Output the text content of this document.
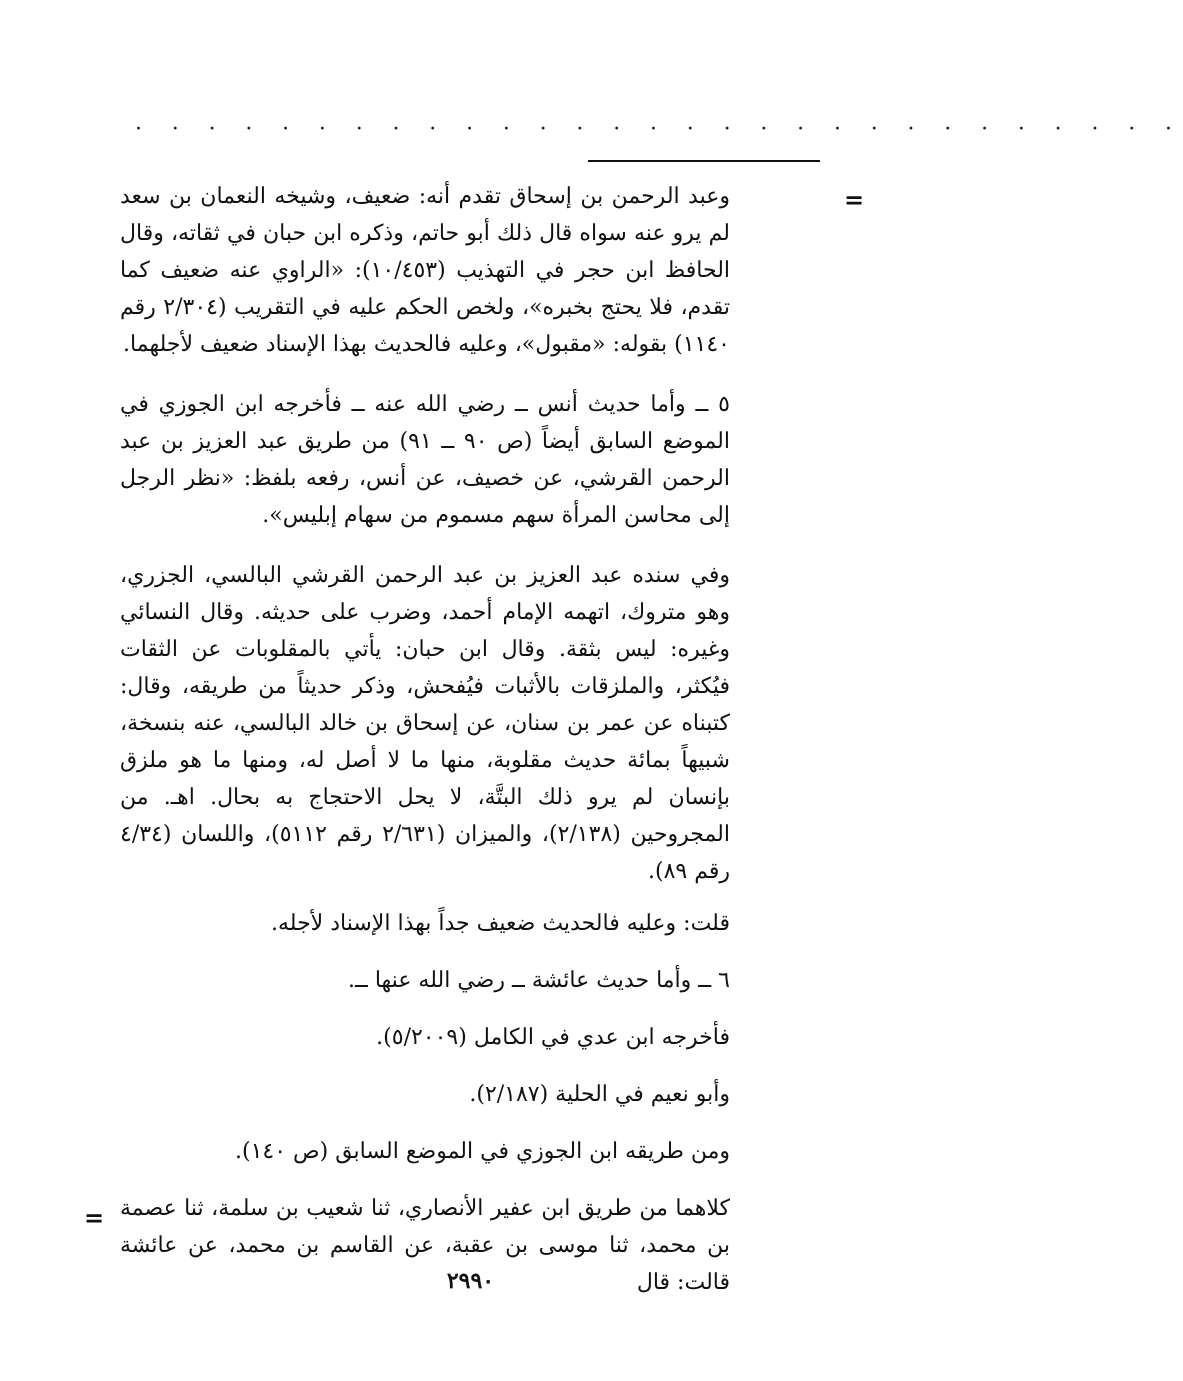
· · · · · · · · · · · · · · · · · · · · · · · · · · · · ·
=
=

وعبد الرحمن بن إسحاق تقدم أنه: ضعيف، وشيخه النعمان بن سعد لم يرو عنه سواه قال ذلك أبو حاتم، وذكره ابن حبان في ثقاته، وقال الحافظ ابن حجر في التهذيب (١٠/٤٥٣): «الراوي عنه ضعيف كما تقدم، فلا يحتج بخبره»، ولخص الحكم عليه في التقريب (٢/٣٠٤ رقم ١١٤٠) بقوله: «مقبول»، وعليه فالحديث بهذا الإسناد ضعيف لأجلهما.

٥ ــ وأما حديث أنس ــ رضي الله عنه ــ فأخرجه ابن الجوزي في الموضع السابق أيضاً (ص ٩٠ ــ ٩١) من طريق عبد العزيز بن عبد الرحمن القرشي، عن خصيف، عن أنس، رفعه بلفظ: «نظر الرجل إلى محاسن المرأة سهم مسموم من سهام إبليس».

وفي سنده عبد العزيز بن عبد الرحمن القرشي البالسي، الجزري، وهو متروك، اتهمه الإمام أحمد، وضرب على حديثه. وقال النسائي وغيره: ليس بثقة. وقال ابن حبان: يأتي بالمقلوبات عن الثقات فيُكثر، والملزقات بالأثبات فيُفحش، وذكر حديثاً من طريقه، وقال: كتبناه عن عمر بن سنان، عن إسحاق بن خالد البالسي، عنه بنسخة، شبيهاً بمائة حديث مقلوبة، منها ما لا أصل له، ومنها ما هو ملزق بإنسان لم يرو ذلك البتَّة، لا يحل الاحتجاج به بحال. اهـ. من المجروحين (٢/١٣٨)، والميزان (٢/٦٣١ رقم ٥١١٢)، واللسان (٤/٣٤ رقم ٨٩).

قلت: وعليه فالحديث ضعيف جداً بهذا الإسناد لأجله.

٦ ــ وأما حديث عائشة ــ رضي الله عنها ــ.

فأخرجه ابن عدي في الكامل (٥/٢٠٠٩).

وأبو نعيم في الحلية (٢/١٨٧).

ومن طريقه ابن الجوزي في الموضع السابق (ص ١٤٠).

كلاهما من طريق ابن عفير الأنصاري، ثنا شعيب بن سلمة، ثنا عصمة بن محمد، ثنا موسى بن عقبة، عن القاسم بن محمد، عن عائشة قالت: قال

٢٩٩٠
